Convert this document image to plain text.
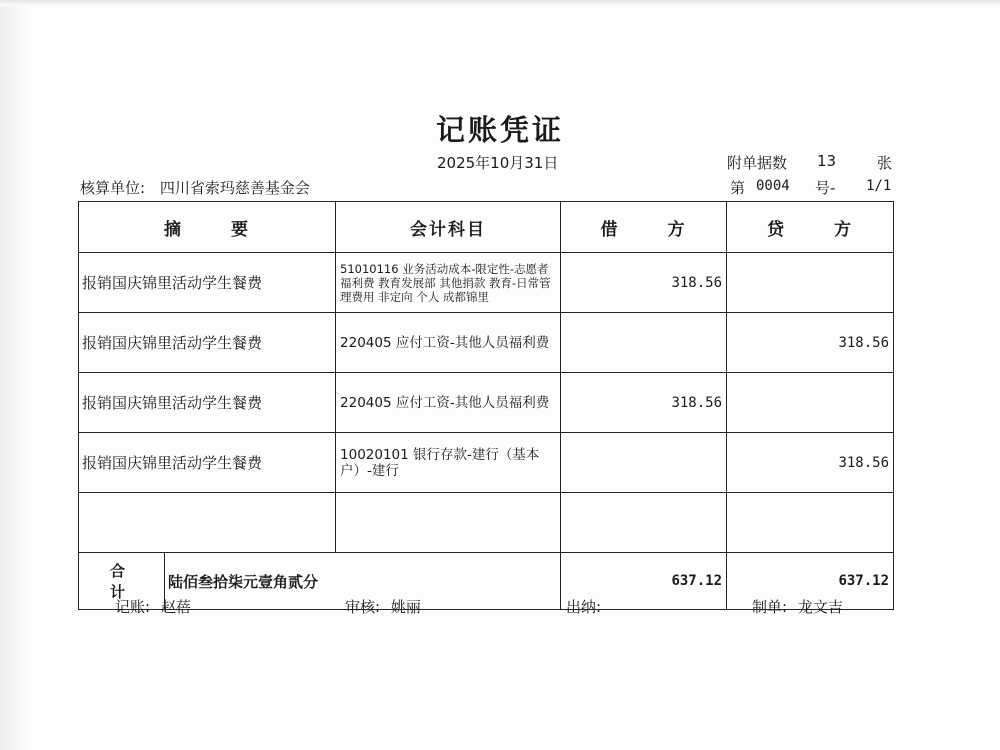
记账凭证
2025年10月31日	附单据数 13	张
核算单位: 四川省索玛慈善基金会	第 0004 号- 1/1
摘 要		会计科目	借 方	贷 方
报销国庆锦里活动学生餐费		51010116 业务活动成本-限定性-志愿者福利费 教育发展部 其他捐款 教育-日常管理费用 非定向 个人 成都锦里	318.56	
报销国庆锦里活动学生餐费		220405 应付工资-其他人员福利费		318.56
报销国庆锦里活动学生餐费		220405 应付工资-其他人员福利费	318.56	
报销国庆锦里活动学生餐费		10020101 银行存款-建行（基本户）-建行		318.56

合 计	陆佰叁拾柒元壹角贰分		637.12	637.12
记账: 赵蓓	审核: 姚丽	出纳:	制单: 龙文吉
